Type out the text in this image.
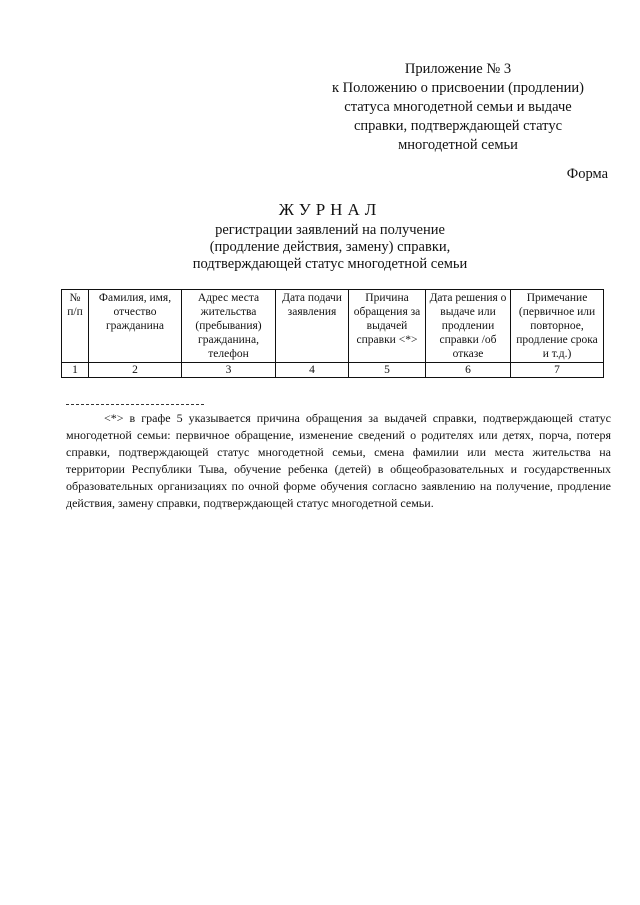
Приложение № 3
к Положению о присвоении (продлении)
статуса многодетной семьи и выдаче
справки, подтверждающей статус
многодетной семьи
Форма
ЖУРНАЛ
регистрации заявлений на получение
(продление действия, замену) справки,
подтверждающей статус многодетной семьи
№ п/п	Фамилия, имя, отчество гражданина	Адрес места жительства (пребывания) гражданина, телефон	Дата подачи заявления	Причина обращения за выдачей справки <*>	Дата решения о выдаче или продлении справки /об отказе	Примечание (первичное или повторное, продление срока и т.д.)
1	2	3	4	5	6	7
<*> в графе 5 указывается причина обращения за выдачей справки, подтверждающей статус многодетной семьи: первичное обращение, изменение сведений о родителях или детях, порча, потеря справки, подтверждающей статус многодетной семьи, смена фамилии или места жительства на территории Республики Тыва, обучение ребенка (детей) в общеобразовательных и государственных образовательных организациях по очной форме обучения согласно заявлению на получение, продление действия, замену справки, подтверждающей статус многодетной семьи.
